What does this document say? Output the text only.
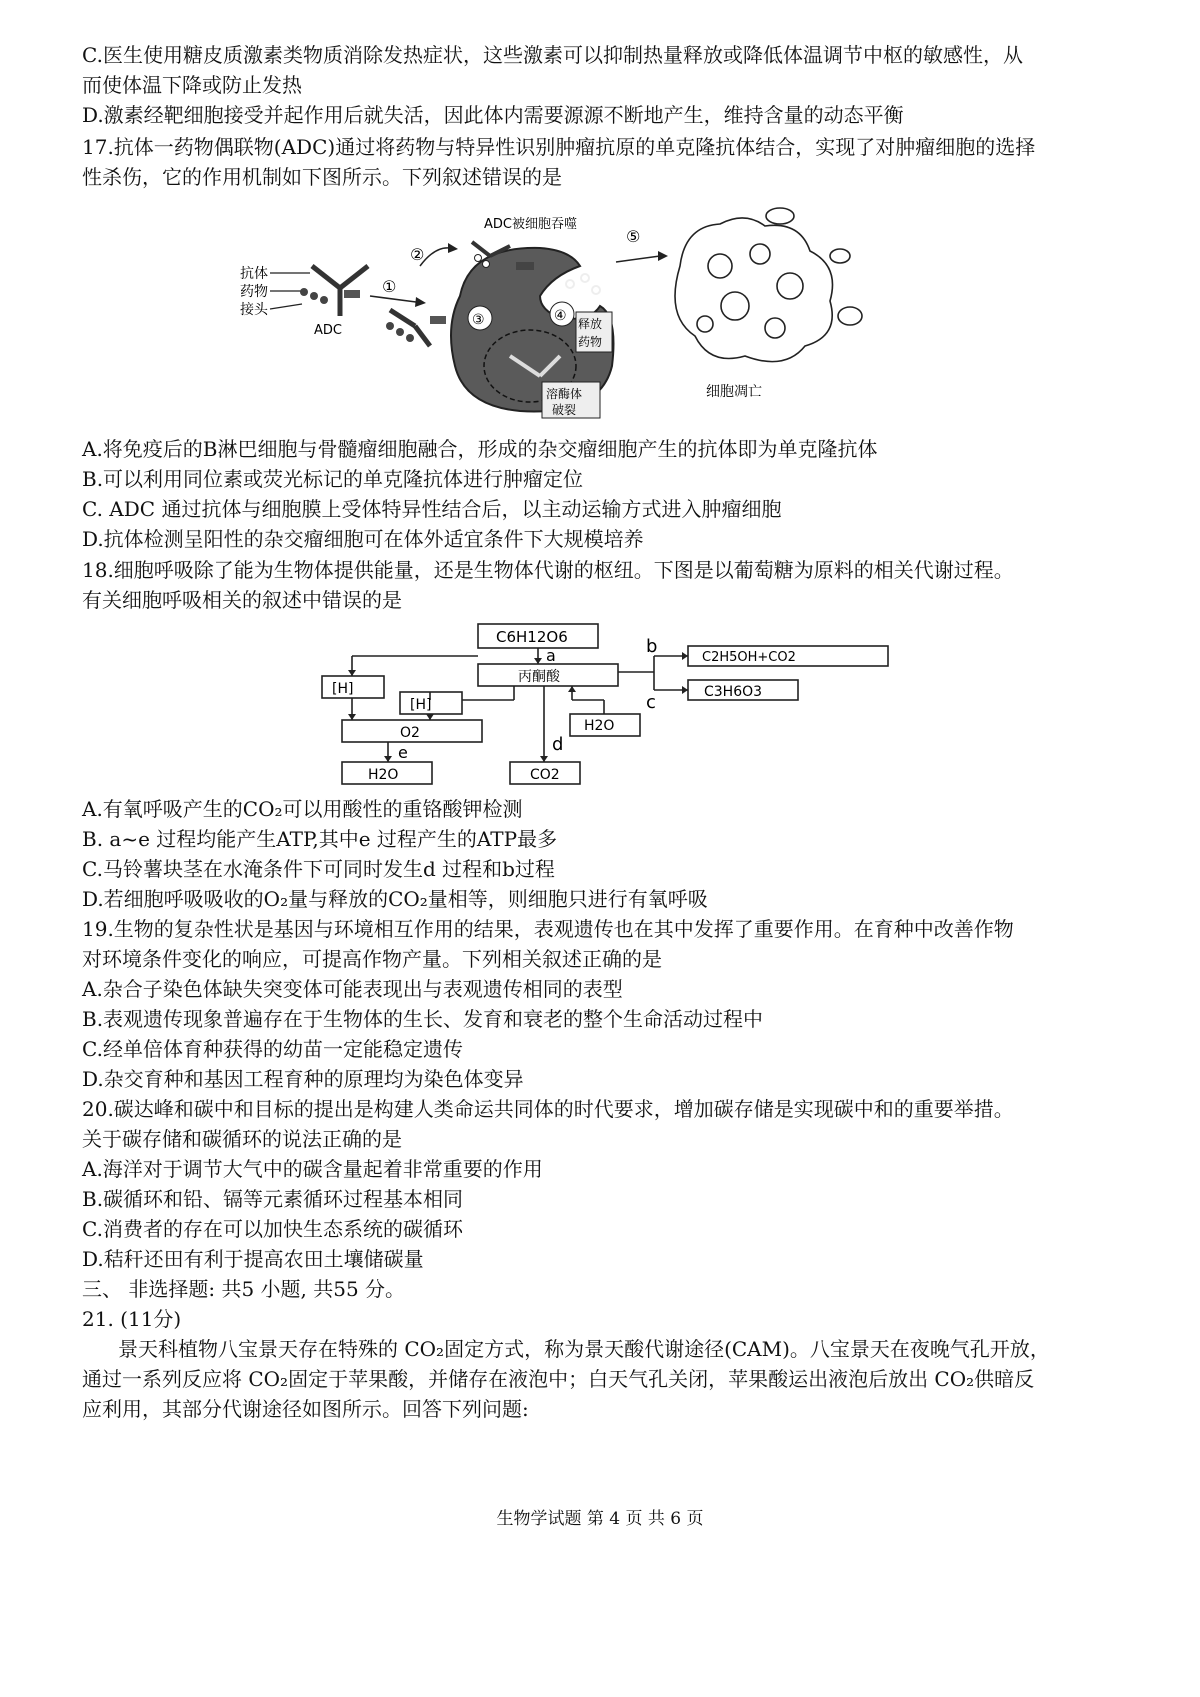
C.医生使用糖皮质激素类物质消除发热症状，这些激素可以抑制热量释放或降低体温调节中枢的敏感性，从
而使体温下降或防止发热
D.激素经靶细胞接受并起作用后就失活，因此体内需要源源不断地产生，维持含量的动态平衡
17.抗体一药物偶联物(ADC)通过将药物与特异性识别肿瘤抗原的单克隆抗体结合，实现了对肿瘤细胞的选择
性杀伤，它的作用机制如下图所示。下列叙述错误的是
抗体
药物
接头
ADC
①
②
ADC被细胞吞噬
③
溶酶体
破裂
④ 释放
药物
⑤
细胞凋亡
A.将免疫后的B淋巴细胞与骨髓瘤细胞融合，形成的杂交瘤细胞产生的抗体即为单克隆抗体
B.可以利用同位素或荧光标记的单克隆抗体进行肿瘤定位
C. ADC 通过抗体与细胞膜上受体特异性结合后，以主动运输方式进入肿瘤细胞
D.抗体检测呈阳性的杂交瘤细胞可在体外适宜条件下大规模培养
18.细胞呼吸除了能为生物体提供能量，还是生物体代谢的枢纽。下图是以葡萄糖为原料的相关代谢过程。
有关细胞呼吸相关的叙述中错误的是
C6H12O6
丙酮酸
C2H5OH+CO2
C3H6O3
[H]
[H]
O2
H2O
H2O
CO2
a	b
c
d
e
A.有氧呼吸产生的CO₂可以用酸性的重铬酸钾检测
B. a~e 过程均能产生ATP,其中e 过程产生的ATP最多
C.马铃薯块茎在水淹条件下可同时发生d 过程和b过程
D.若细胞呼吸吸收的O₂量与释放的CO₂量相等，则细胞只进行有氧呼吸
19.生物的复杂性状是基因与环境相互作用的结果，表观遗传也在其中发挥了重要作用。在育种中改善作物
对环境条件变化的响应，可提高作物产量。下列相关叙述正确的是
A.杂合子染色体缺失突变体可能表现出与表观遗传相同的表型
B.表观遗传现象普遍存在于生物体的生长、发育和衰老的整个生命活动过程中
C.经单倍体育种获得的幼苗一定能稳定遗传
D.杂交育种和基因工程育种的原理均为染色体变异
20.碳达峰和碳中和目标的提出是构建人类命运共同体的时代要求，增加碳存储是实现碳中和的重要举措。
关于碳存储和碳循环的说法正确的是
A.海洋对于调节大气中的碳含量起着非常重要的作用
B.碳循环和铅、镉等元素循环过程基本相同
C.消费者的存在可以加快生态系统的碳循环
D.秸秆还田有利于提高农田土壤储碳量
三、 非选择题: 共5 小题, 共55 分。
21. (11分)
景天科植物八宝景天存在特殊的 CO₂固定方式，称为景天酸代谢途径(CAM)。八宝景天在夜晚气孔开放，
通过一系列反应将 CO₂固定于苹果酸，并储存在液泡中；白天气孔关闭，苹果酸运出液泡后放出 CO₂供暗反
应利用，其部分代谢途径如图所示。回答下列问题:
生物学试题 第 4 页 共 6 页
